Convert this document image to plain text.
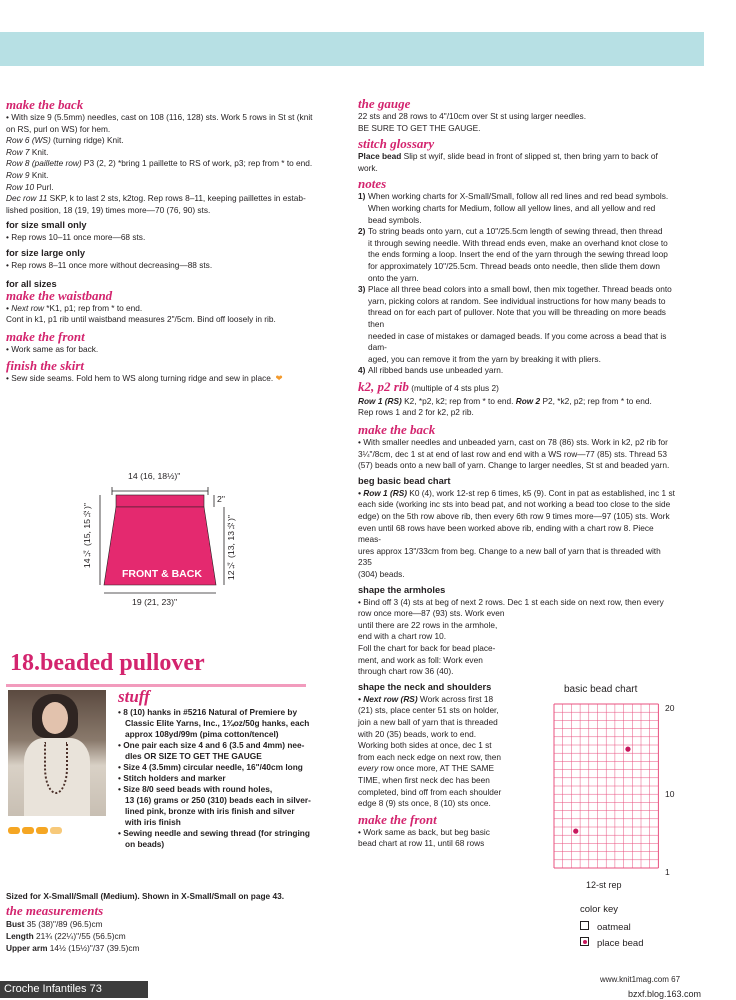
make the back

• With size 9 (5.5mm) needles, cast on 108 (116, 128) sts. Work 5 rows in St st (knit

on RS, purl on WS) for hem.

Row 6 (WS) (turning ridge) Knit.

Row 7 Knit.

Row 8 (paillette row) P3 (2, 2) *bring 1 paillette to RS of work, p3; rep from * to end.

Row 9 Knit.

Row 10 Purl.

Dec row 11 SKP, k to last 2 sts, k2tog. Rep rows 8–11, keeping paillettes in estab-

lished position, 18 (19, 19) times more—70 (76, 90) sts.

for size small only

• Rep rows 10–11 once more—68 sts.

for size large only

• Rep rows 8–11 once more without decreasing—88 sts.

for all sizes
make the waistband

• Next row *K1, p1; rep from * to end.

Cont in k1, p1 rib until waistband measures 2"/5cm. Bind off loosely in rib.

make the front

• Work same as for back.

finish the skirt

• Sew side seams. Fold hem to WS along turning ridge and sew in place. ❤

14 (16, 18½)"
2"
14¼ (15, 15½)"	12¼ (13, 13½)"
19 (21, 23)"
FRONT & BACK
18.beaded pullover
stuff

• 8 (10) hanks in #5216 Natural of Premiere by

Classic Elite Yarns, Inc., 1¾oz/50g hanks, each

approx 108yd/99m (pima cotton/tencel)

• One pair each size 4 and 6 (3.5 and 4mm) nee-

dles OR SIZE TO GET THE GAUGE

• Size 4 (3.5mm) circular needle, 16"/40cm long

• Stitch holders and marker

• Size 8/0 seed beads with round holes,

13 (16) grams or 250 (310) beads each in silver-

lined pink, bronze with iris finish and silver

with iris finish

• Sewing needle and sewing thread (for stringing

on beads)

Sized for X-Small/Small (Medium). Shown in X-Small/Small on page 43.

the measurements

Bust 35 (38)"/89 (96.5)cm

Length 21¾ (22¼)"/55 (56.5)cm

Upper arm 14½ (15½)"/37 (39.5)cm

the gauge

22 sts and 28 rows to 4"/10cm over St st using larger needles.

BE SURE TO GET THE GAUGE.

stitch glossary

Place bead Slip st wyif, slide bead in front of slipped st, then bring yarn to back of

work.

notes

1) When working charts for X-Small/Small, follow all red lines and red bead symbols.

When working charts for Medium, follow all yellow lines, and all yellow and red

bead symbols.

2) To string beads onto yarn, cut a 10"/25.5cm length of sewing thread, then thread

it through sewing needle. With thread ends even, make an overhand knot close to

the ends forming a loop. Insert the end of the yarn through the sewing thread loop

for approximately 10"/25.5cm. Thread beads onto needle, then slide them down

onto the yarn.

3) Place all three bead colors into a small bowl, then mix together. Thread beads onto

yarn, picking colors at random. See individual instructions for how many beads to

thread on for each part of pullover. Note that you will be threading on more beads then

needed in case of mistakes or damaged beads. If you come across a bead that is dam-

aged, you can remove it from the yarn by breaking it with pliers.

4) All ribbed bands use unbeaded yarn.

k2, p2 rib (multiple of 4 sts plus 2)

Row 1 (RS) K2, *p2, k2; rep from * to end. Row 2 P2, *k2, p2; rep from * to end.

Rep rows 1 and 2 for k2, p2 rib.

make the back

• With smaller needles and unbeaded yarn, cast on 78 (86) sts. Work in k2, p2 rib for

3¼"/8cm, dec 1 st at end of last row and end with a WS row—77 (85) sts. Thread 53

(57) beads onto a new ball of yarn. Change to larger needles, St st and beaded yarn.

beg basic bead chart

• Row 1 (RS) K0 (4), work 12-st rep 6 times, k5 (9). Cont in pat as established, inc 1 st

each side (working inc sts into bead pat, and not working a bead too close to the side

edge) on the 5th row above rib, then every 6th row 9 times more—97 (105) sts. Work

even until 68 rows have been worked above rib, ending with a chart row 8. Piece meas-

ures approx 13"/33cm from beg. Change to a new ball of yarn that is threaded with 235

(304) beads.

shape the armholes

• Bind off 3 (4) sts at beg of next 2 rows. Dec 1 st each side on next row, then every

row once more—87 (93) sts. Work even

until there are 22 rows in the armhole,

end with a chart row 10.

Foll the chart for back for bead place-

ment, and work as foll: Work even

through chart row 36 (40).

shape the neck and shoulders

• Next row (RS) Work across first 18

(21) sts, place center 51 sts on holder,

join a new ball of yarn that is threaded

with 20 (35) beads, work to end.

Working both sides at once, dec 1 st

from each neck edge on next row, then

every row once more, AT THE SAME

TIME, when first neck dec has been

completed, bind off from each shoulder

edge 8 (9) sts once, 8 (10) sts once.

make the front

• Work same as back, but beg basic

bead chart at row 11, until 68 rows

basic bead chart
20
10
1
12-st rep
color key
oatmeal
place bead
Croche Infantiles 73
www.knit1mag.com 67
bzxf.blog.163.com
